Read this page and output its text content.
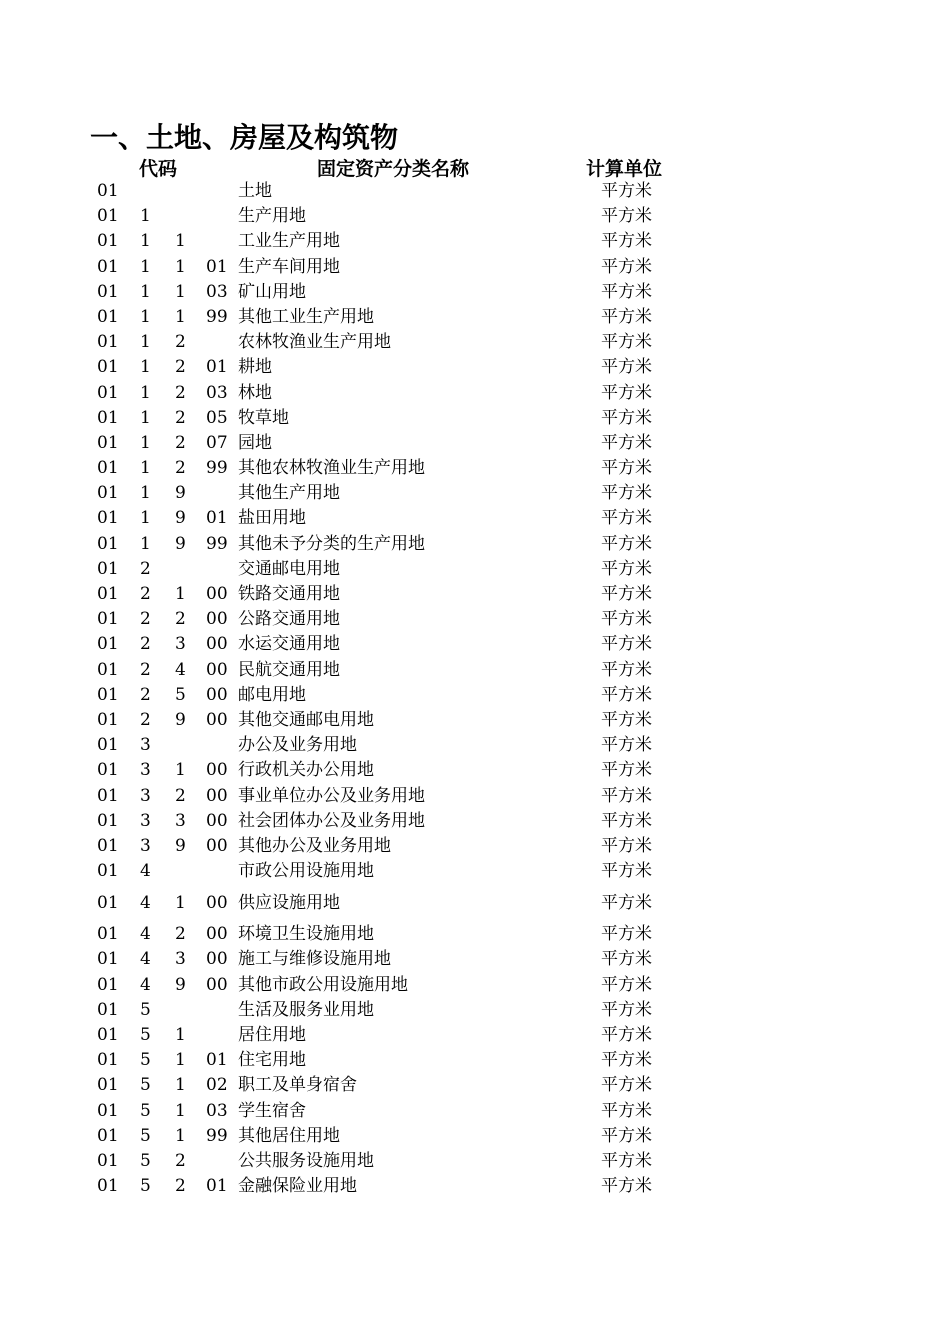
一、土地、房屋及构筑物
代码	固定资产分类名称	计算单位
01	土地	平方米
01 1	生产用地	平方米
01 1 1	工业生产用地	平方米
01 1 1 01 生产车间用地	平方米
01 1 1 03 矿山用地	平方米
01 1 1 99 其他工业生产用地	平方米
01 1 2	农林牧渔业生产用地	平方米
01 1 2 01 耕地	平方米
01 1 2 03 林地	平方米
01 1 2 05 牧草地	平方米
01 1 2 07 园地	平方米
01 1 2 99 其他农林牧渔业生产用地	平方米
01 1 9	其他生产用地	平方米
01 1 9 01 盐田用地	平方米
01 1 9 99 其他未予分类的生产用地	平方米
01 2	交通邮电用地	平方米
01 2 1 00 铁路交通用地	平方米
01 2 2 00 公路交通用地	平方米
01 2 3 00 水运交通用地	平方米
01 2 4 00 民航交通用地	平方米
01 2 5 00 邮电用地	平方米
01 2 9 00 其他交通邮电用地	平方米
01 3	办公及业务用地	平方米
01 3 1 00 行政机关办公用地	平方米
01 3 2 00 事业单位办公及业务用地	平方米
01 3 3 00 社会团体办公及业务用地	平方米
01 3 9 00 其他办公及业务用地	平方米
01 4	市政公用设施用地	平方米
01 4 1 00 供应设施用地	平方米
01 4 2 00 环境卫生设施用地	平方米
01 4 3 00 施工与维修设施用地	平方米
01 4 9 00 其他市政公用设施用地	平方米
01 5	生活及服务业用地	平方米
01 5 1	居住用地	平方米
01 5 1 01 住宅用地	平方米
01 5 1 02 职工及单身宿舍	平方米
01 5 1 03 学生宿舍	平方米
01 5 1 99 其他居住用地	平方米
01 5 2	公共服务设施用地	平方米
01 5 2 01 金融保险业用地	平方米
